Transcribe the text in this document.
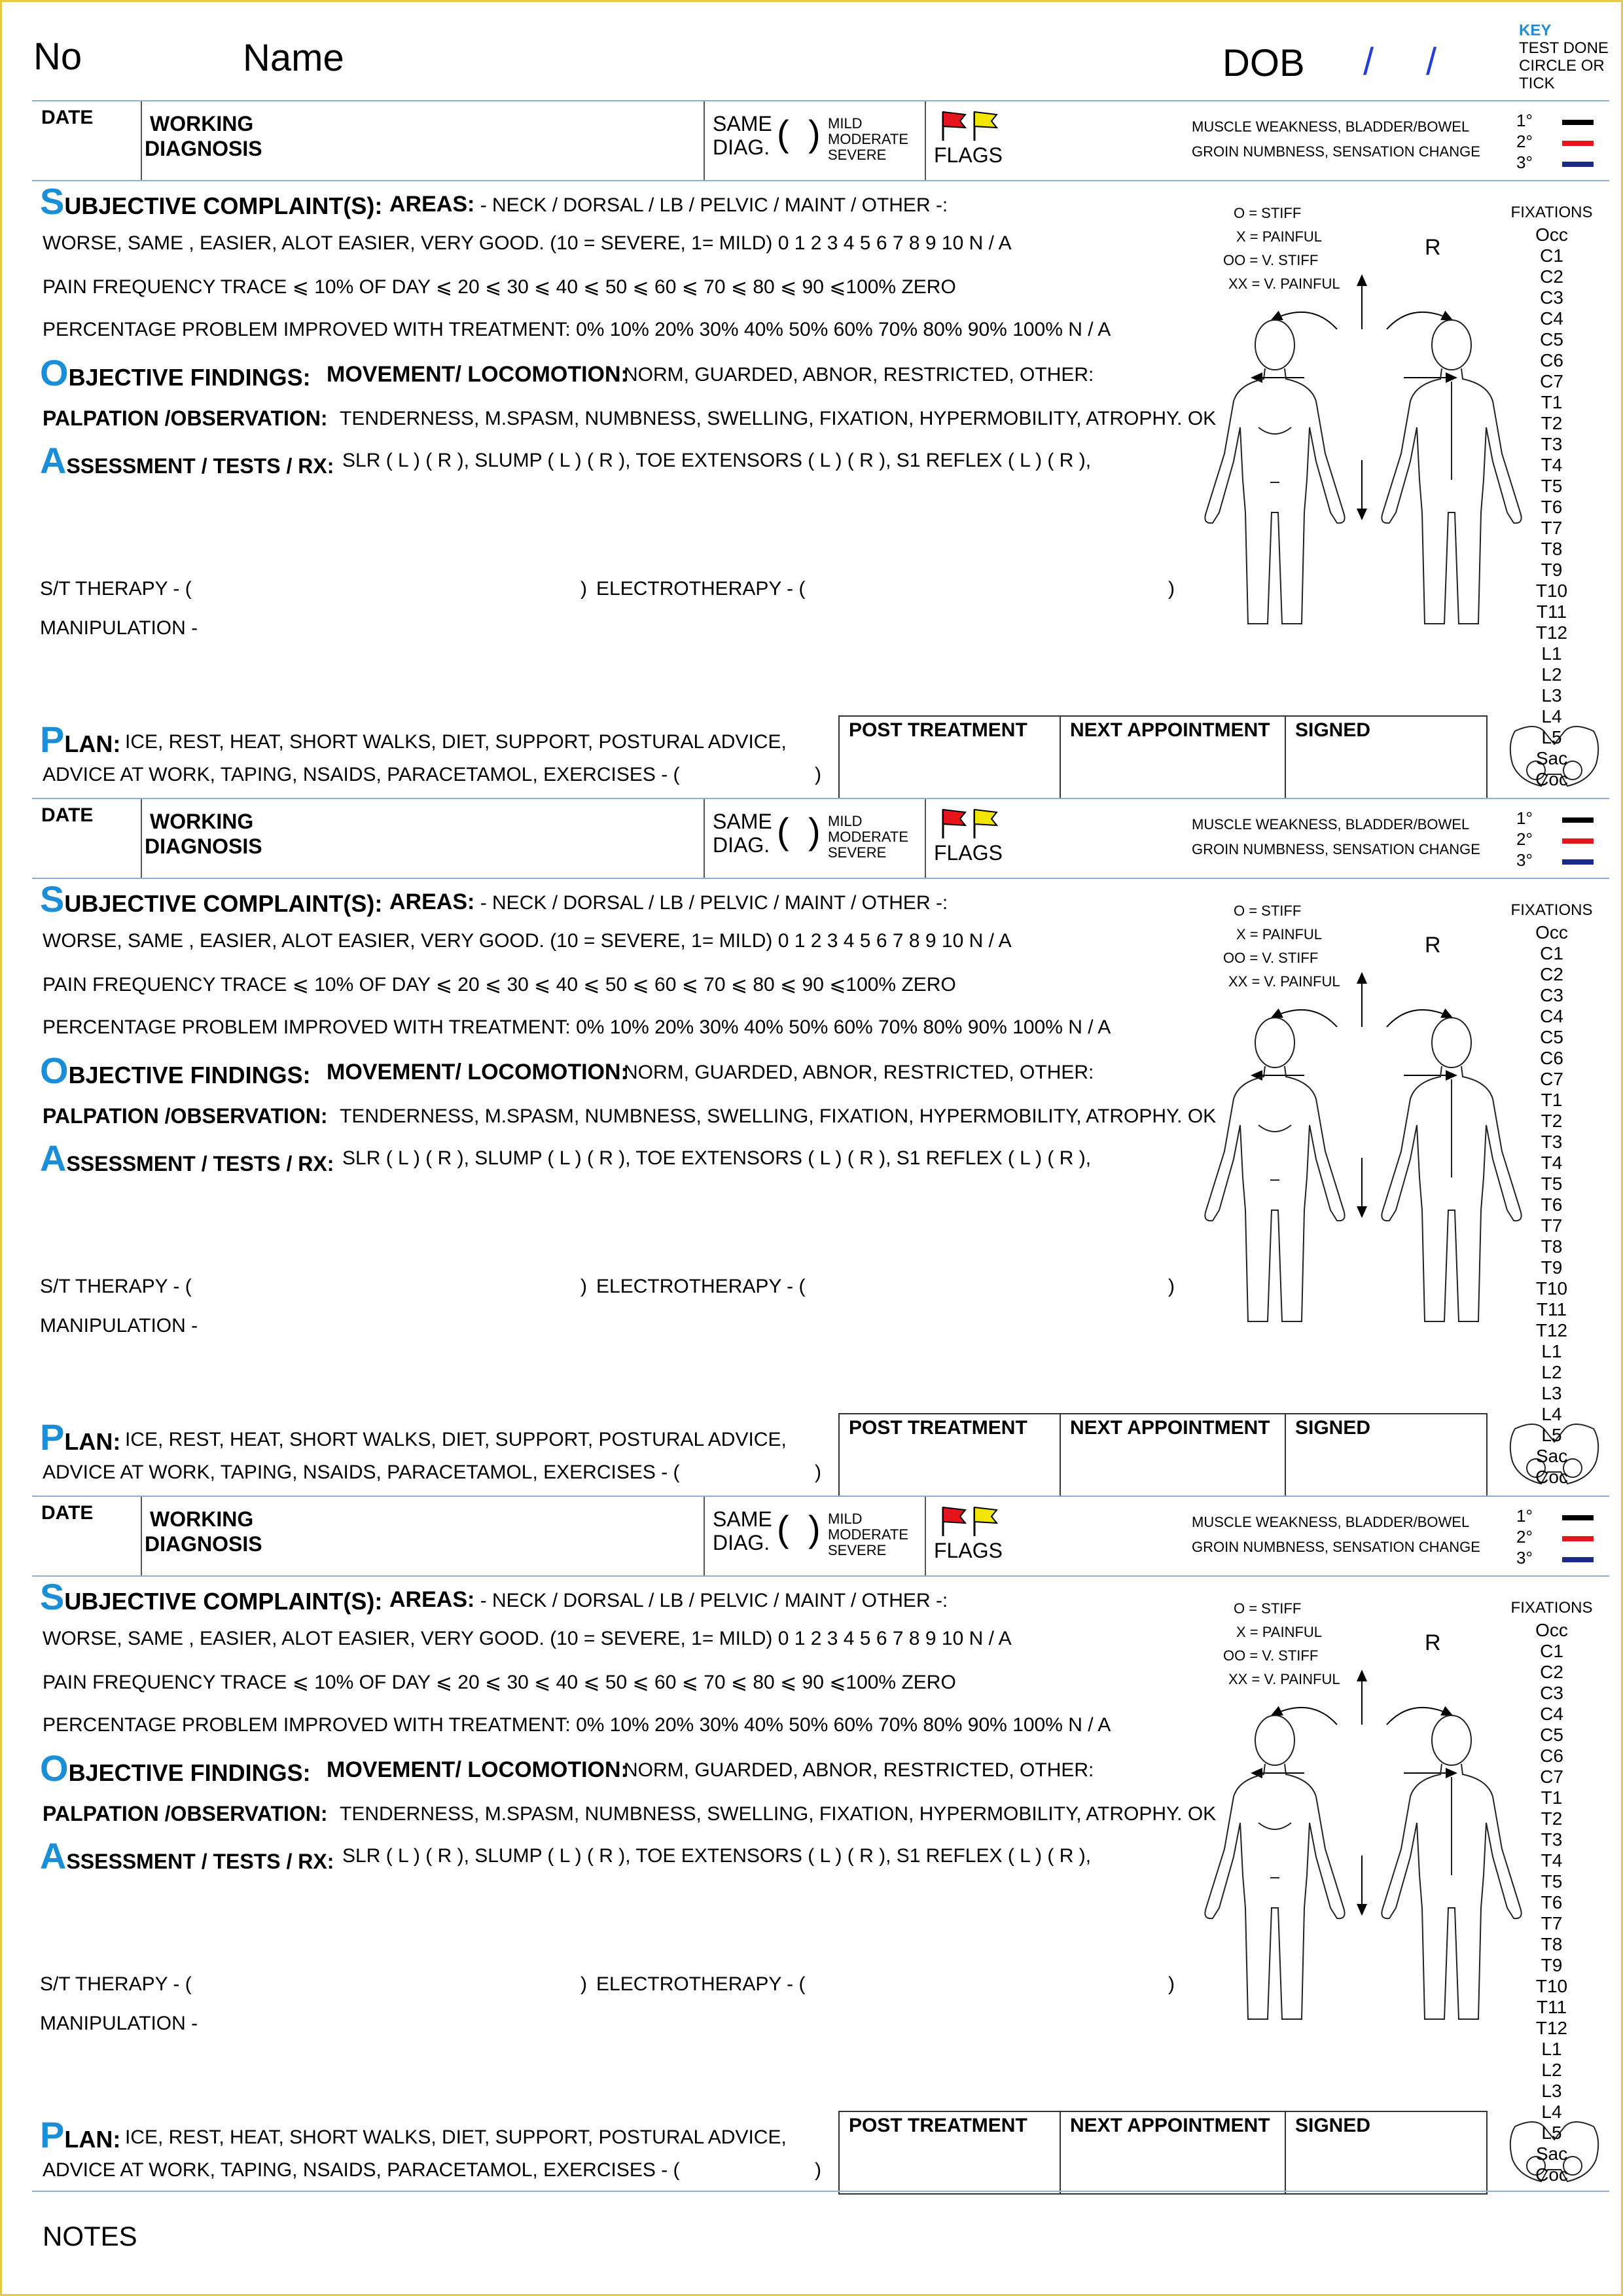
No	Name	DOB / /
KEY
TEST DONE
CIRCLE OR
TICK
DATE	WORKING
DIAGNOSIS
SAME
DIAG. ( ) MILD
MODERATE
SEVERE	FLAGS
MUSCLE WEAKNESS, BLADDER/BOWEL
GROIN NUMBNESS, SENSATION CHANGE
1°
2°
3°
SUBJECTIVE COMPLAINT(S): AREAS: - NECK / DORSAL / LB / PELVIC / MAINT / OTHER -:
WORSE, SAME , EASIER, ALOT EASIER, VERY GOOD. (10 = SEVERE, 1= MILD) 0 1 2 3 4 5 6 7 8 9 10 N / A
PAIN FREQUENCY TRACE ⩽ 10% OF DAY ⩽ 20 ⩽ 30 ⩽ 40 ⩽ 50 ⩽ 60 ⩽ 70 ⩽ 80 ⩽ 90 ⩽100% ZERO
PERCENTAGE PROBLEM IMPROVED WITH TREATMENT: 0% 10% 20% 30% 40% 50% 60% 70% 80% 90% 100% N / A
OBJECTIVE FINDINGS: MOVEMENT/ LOCOMOTION:
NORM, GUARDED, ABNOR, RESTRICTED, OTHER:
PALPATION /OBSERVATION: TENDERNESS, M.SPASM, NUMBNESS, SWELLING, FIXATION, HYPERMOBILITY, ATROPHY. OK
ASSESSMENT / TESTS / RX: SLR ( L ) ( R ), SLUMP ( L ) ( R ), TOE EXTENSORS ( L ) ( R ), S1 REFLEX ( L ) ( R ),
S/T THERAPY - (	) ELECTROTHERAPY - (	)
MANIPULATION -
PLAN: ICE, REST, HEAT, SHORT WALKS, DIET, SUPPORT, POSTURAL ADVICE,
ADVICE AT WORK, TAPING, NSAIDS, PARACETAMOL, EXERCISES - (	)
POST TREATMENT	NEXT APPOINTMENT	SIGNED
O = STIFF
X = PAINFUL
OO = V. STIFF
XX = V. PAINFUL
R
FIXATIONS
Occ
C1
C2
C3
C4
C5
C6
C7
T1
T2
T3
T4
T5
T6
T7
T8
T9
T10
T11
T12
L1
L2
L3
L4
L5
Sac
Coc
DATE	WORKING
DIAGNOSIS
SAME
DIAG. ( ) MILD
MODERATE
SEVERE	FLAGS
MUSCLE WEAKNESS, BLADDER/BOWEL
GROIN NUMBNESS, SENSATION CHANGE
1°
2°
3°
SUBJECTIVE COMPLAINT(S): AREAS: - NECK / DORSAL / LB / PELVIC / MAINT / OTHER -:
WORSE, SAME , EASIER, ALOT EASIER, VERY GOOD. (10 = SEVERE, 1= MILD) 0 1 2 3 4 5 6 7 8 9 10 N / A
PAIN FREQUENCY TRACE ⩽ 10% OF DAY ⩽ 20 ⩽ 30 ⩽ 40 ⩽ 50 ⩽ 60 ⩽ 70 ⩽ 80 ⩽ 90 ⩽100% ZERO
PERCENTAGE PROBLEM IMPROVED WITH TREATMENT: 0% 10% 20% 30% 40% 50% 60% 70% 80% 90% 100% N / A
OBJECTIVE FINDINGS: MOVEMENT/ LOCOMOTION:
NORM, GUARDED, ABNOR, RESTRICTED, OTHER:
PALPATION /OBSERVATION: TENDERNESS, M.SPASM, NUMBNESS, SWELLING, FIXATION, HYPERMOBILITY, ATROPHY. OK
ASSESSMENT / TESTS / RX: SLR ( L ) ( R ), SLUMP ( L ) ( R ), TOE EXTENSORS ( L ) ( R ), S1 REFLEX ( L ) ( R ),
S/T THERAPY - (	) ELECTROTHERAPY - (	)
MANIPULATION -
PLAN: ICE, REST, HEAT, SHORT WALKS, DIET, SUPPORT, POSTURAL ADVICE,
ADVICE AT WORK, TAPING, NSAIDS, PARACETAMOL, EXERCISES - (	)
POST TREATMENT	NEXT APPOINTMENT	SIGNED
O = STIFF
X = PAINFUL
OO = V. STIFF
XX = V. PAINFUL
R
FIXATIONS
Occ
C1
C2
C3
C4
C5
C6
C7
T1
T2
T3
T4
T5
T6
T7
T8
T9
T10
T11
T12
L1
L2
L3
L4
L5
Sac
Coc
DATE	WORKING
DIAGNOSIS
SAME
DIAG. ( ) MILD
MODERATE
SEVERE	FLAGS
MUSCLE WEAKNESS, BLADDER/BOWEL
GROIN NUMBNESS, SENSATION CHANGE
1°
2°
3°
SUBJECTIVE COMPLAINT(S): AREAS: - NECK / DORSAL / LB / PELVIC / MAINT / OTHER -:
WORSE, SAME , EASIER, ALOT EASIER, VERY GOOD. (10 = SEVERE, 1= MILD) 0 1 2 3 4 5 6 7 8 9 10 N / A
PAIN FREQUENCY TRACE ⩽ 10% OF DAY ⩽ 20 ⩽ 30 ⩽ 40 ⩽ 50 ⩽ 60 ⩽ 70 ⩽ 80 ⩽ 90 ⩽100% ZERO
PERCENTAGE PROBLEM IMPROVED WITH TREATMENT: 0% 10% 20% 30% 40% 50% 60% 70% 80% 90% 100% N / A
OBJECTIVE FINDINGS: MOVEMENT/ LOCOMOTION:
NORM, GUARDED, ABNOR, RESTRICTED, OTHER:
PALPATION /OBSERVATION: TENDERNESS, M.SPASM, NUMBNESS, SWELLING, FIXATION, HYPERMOBILITY, ATROPHY. OK
ASSESSMENT / TESTS / RX: SLR ( L ) ( R ), SLUMP ( L ) ( R ), TOE EXTENSORS ( L ) ( R ), S1 REFLEX ( L ) ( R ),
S/T THERAPY - (	) ELECTROTHERAPY - (	)
MANIPULATION -
PLAN: ICE, REST, HEAT, SHORT WALKS, DIET, SUPPORT, POSTURAL ADVICE,
ADVICE AT WORK, TAPING, NSAIDS, PARACETAMOL, EXERCISES - (	)
POST TREATMENT	NEXT APPOINTMENT	SIGNED
O = STIFF
X = PAINFUL
OO = V. STIFF
XX = V. PAINFUL
R
FIXATIONS
Occ
C1
C2
C3
C4
C5
C6
C7
T1
T2
T3
T4
T5
T6
T7
T8
T9
T10
T11
T12
L1
L2
L3
L4
L5
Sac
Coc
NOTES
